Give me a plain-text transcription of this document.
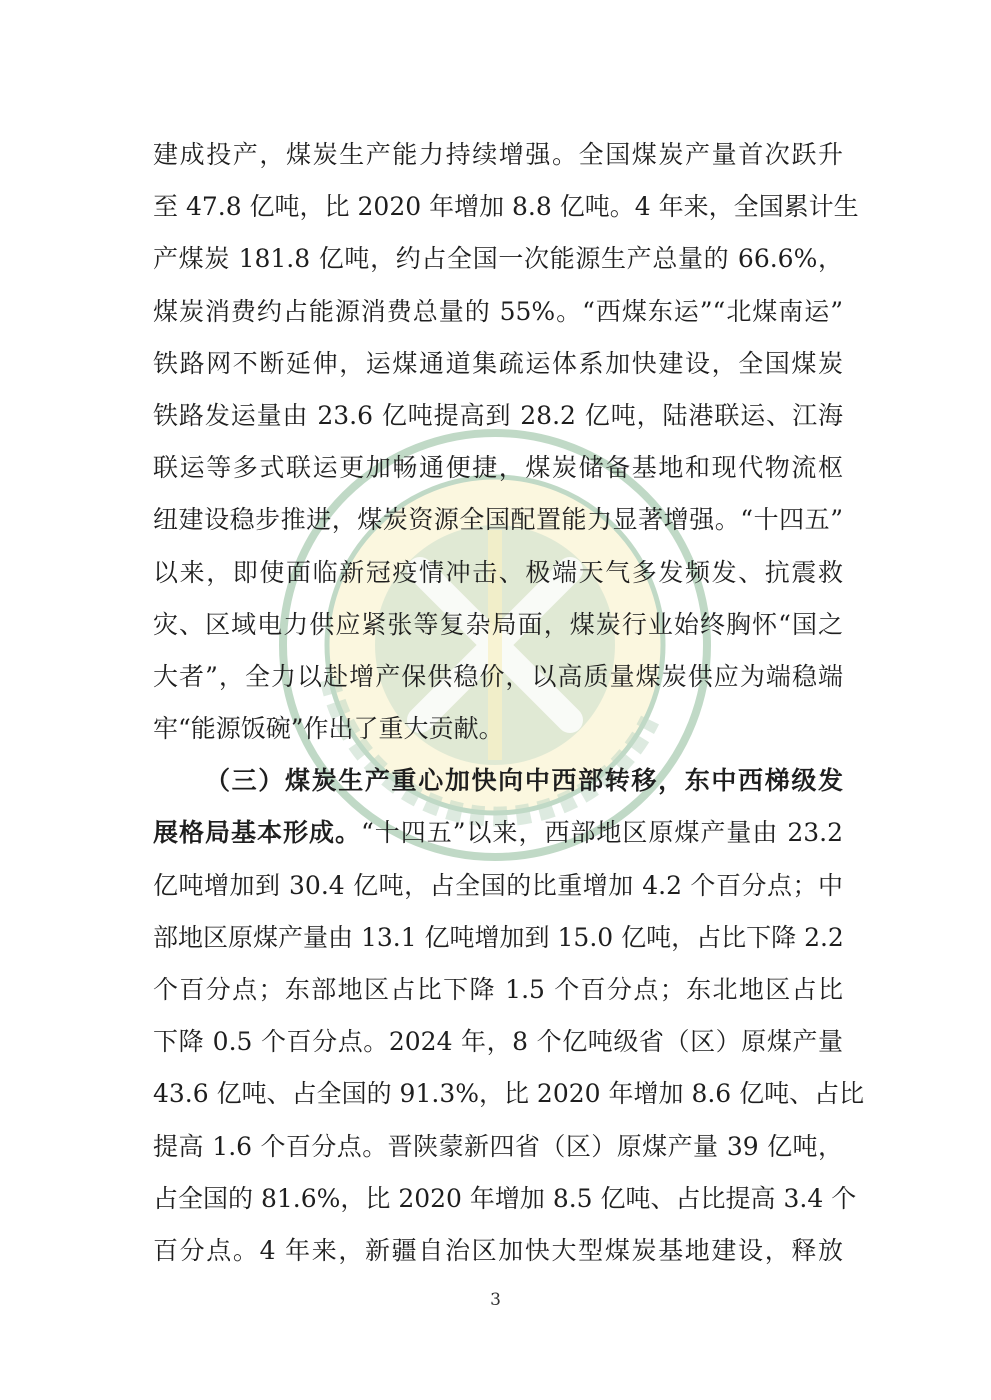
建成投产，煤炭生产能力持续增强。全国煤炭产量首次跃升
至 47.8 亿吨，比 2020 年增加 8.8 亿吨。4 年来，全国累计生
产煤炭 181.8 亿吨，约占全国一次能源生产总量的 66.6%，
煤炭消费约占能源消费总量的 55%。“西煤东运”“北煤南运”
铁路网不断延伸，运煤通道集疏运体系加快建设，全国煤炭
铁路发运量由 23.6 亿吨提高到 28.2 亿吨，陆港联运、江海
联运等多式联运更加畅通便捷，煤炭储备基地和现代物流枢
纽建设稳步推进，煤炭资源全国配置能力显著增强。“十四五”
以来，即使面临新冠疫情冲击、极端天气多发频发、抗震救
灾、区域电力供应紧张等复杂局面，煤炭行业始终胸怀“国之
大者”，全力以赴增产保供稳价，以高质量煤炭供应为端稳端
牢“能源饭碗”作出了重大贡献。
（三）煤炭生产重心加快向中西部转移，东中西梯级发
展格局基本形成。“十四五”以来，西部地区原煤产量由 23.2
亿吨增加到 30.4 亿吨，占全国的比重增加 4.2 个百分点；中
部地区原煤产量由 13.1 亿吨增加到 15.0 亿吨，占比下降 2.2
个百分点；东部地区占比下降 1.5 个百分点；东北地区占比
下降 0.5 个百分点。2024 年，8 个亿吨级省（区）原煤产量
43.6 亿吨、占全国的 91.3%，比 2020 年增加 8.6 亿吨、占比
提高 1.6 个百分点。晋陕蒙新四省（区）原煤产量 39 亿吨，
占全国的 81.6%，比 2020 年增加 8.5 亿吨、占比提高 3.4 个
百分点。4 年来，新疆自治区加快大型煤炭基地建设，释放
3
